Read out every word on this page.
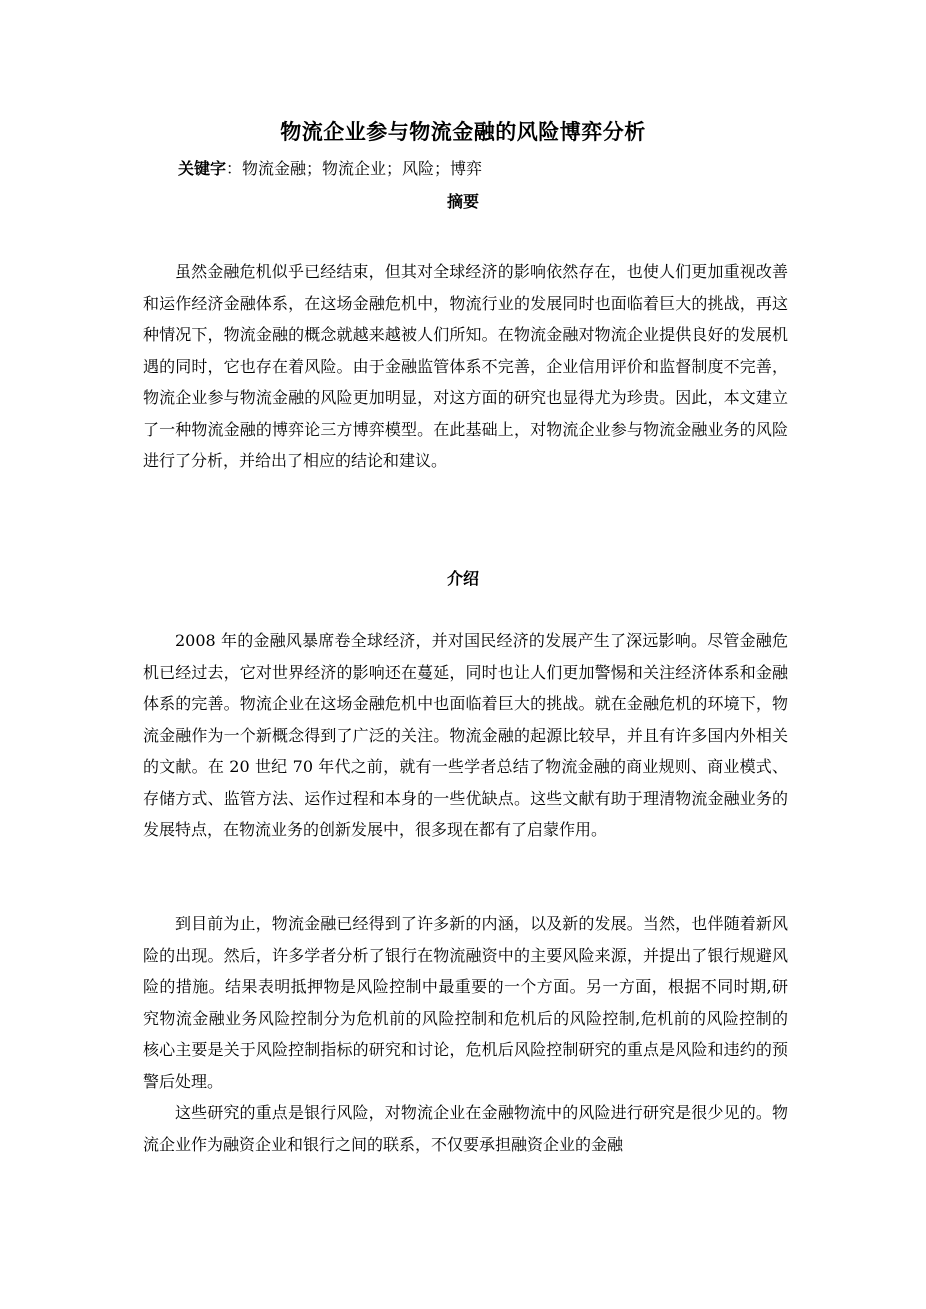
物流企业参与物流金融的风险博弈分析
关键字：物流金融；物流企业；风险；博弈
摘要

虽然金融危机似乎已经结束，但其对全球经济的影响依然存在，也使人们更加重视改善和运作经济金融体系，在这场金融危机中，物流行业的发展同时也面临着巨大的挑战，再这种情况下，物流金融的概念就越来越被人们所知。在物流金融对物流企业提供良好的发展机遇的同时，它也存在着风险。由于金融监管体系不完善，企业信用评价和监督制度不完善，物流企业参与物流金融的风险更加明显，对这方面的研究也显得尤为珍贵。因此，本文建立了一种物流金融的博弈论三方博弈模型。在此基础上，对物流企业参与物流金融业务的风险进行了分析，并给出了相应的结论和建议。

介绍

2008 年的金融风暴席卷全球经济，并对国民经济的发展产生了深远影响。尽管金融危机已经过去，它对世界经济的影响还在蔓延，同时也让人们更加警惕和关注经济体系和金融体系的完善。物流企业在这场金融危机中也面临着巨大的挑战。就在金融危机的环境下，物流金融作为一个新概念得到了广泛的关注。物流金融的起源比较早，并且有许多国内外相关的文献。在 20 世纪 70 年代之前，就有一些学者总结了物流金融的商业规则、商业模式、存储方式、监管方法、运作过程和本身的一些优缺点。这些文献有助于理清物流金融业务的发展特点，在物流业务的创新发展中，很多现在都有了启蒙作用。

到目前为止，物流金融已经得到了许多新的内涵，以及新的发展。当然，也伴随着新风险的出现。然后，许多学者分析了银行在物流融资中的主要风险来源，并提出了银行规避风险的措施。结果表明抵押物是风险控制中最重要的一个方面。另一方面，根据不同时期,研究物流金融业务风险控制分为危机前的风险控制和危机后的风险控制,危机前的风险控制的核心主要是关于风险控制指标的研究和讨论，危机后风险控制研究的重点是风险和违约的预警后处理。

这些研究的重点是银行风险，对物流企业在金融物流中的风险进行研究是很少见的。物流企业作为融资企业和银行之间的联系，不仅要承担融资企业的金融
